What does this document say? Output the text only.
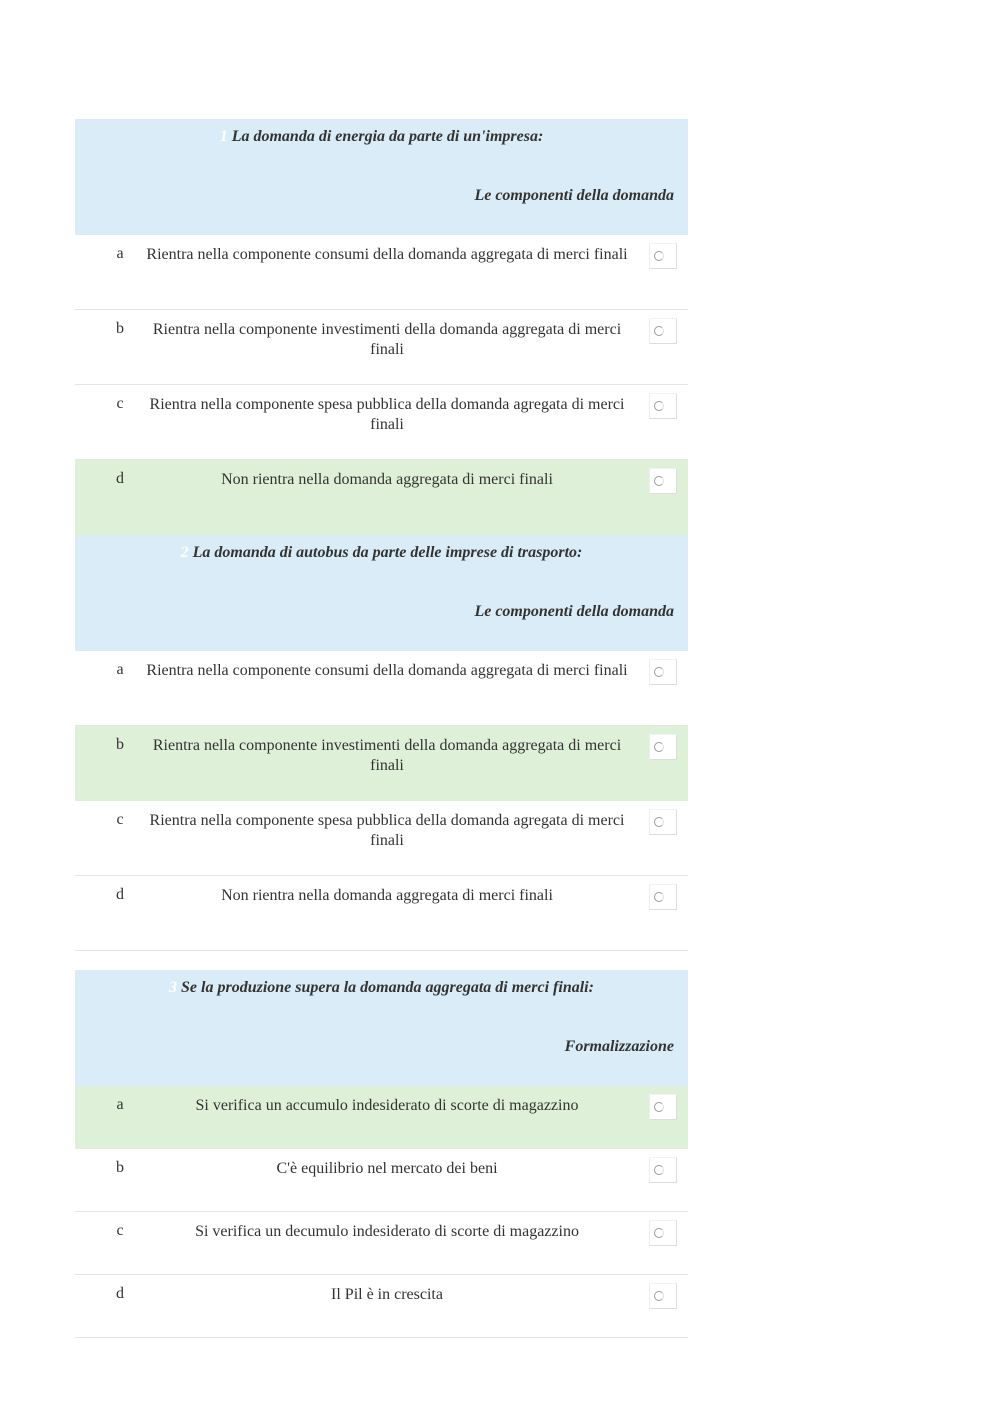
1 La domanda di energia da parte di un'impresa:
Le componenti della domanda
a	Rientra nella componente consumi della domanda aggregata di merci finali
b	Rientra nella componente investimenti della domanda aggregata di merci finali
c	Rientra nella componente spesa pubblica della domanda agregata di merci finali
d	Non rientra nella domanda aggregata di merci finali
2 La domanda di autobus da parte delle imprese di trasporto:
Le componenti della domanda
a	Rientra nella componente consumi della domanda aggregata di merci finali
b	Rientra nella componente investimenti della domanda aggregata di merci finali
c	Rientra nella componente spesa pubblica della domanda agregata di merci finali
d	Non rientra nella domanda aggregata di merci finali
3 Se la produzione supera la domanda aggregata di merci finali:
Formalizzazione
a	Si verifica un accumulo indesiderato di scorte di magazzino
b	C'è equilibrio nel mercato dei beni
c	Si verifica un decumulo indesiderato di scorte di magazzino
d	Il Pil è in crescita
